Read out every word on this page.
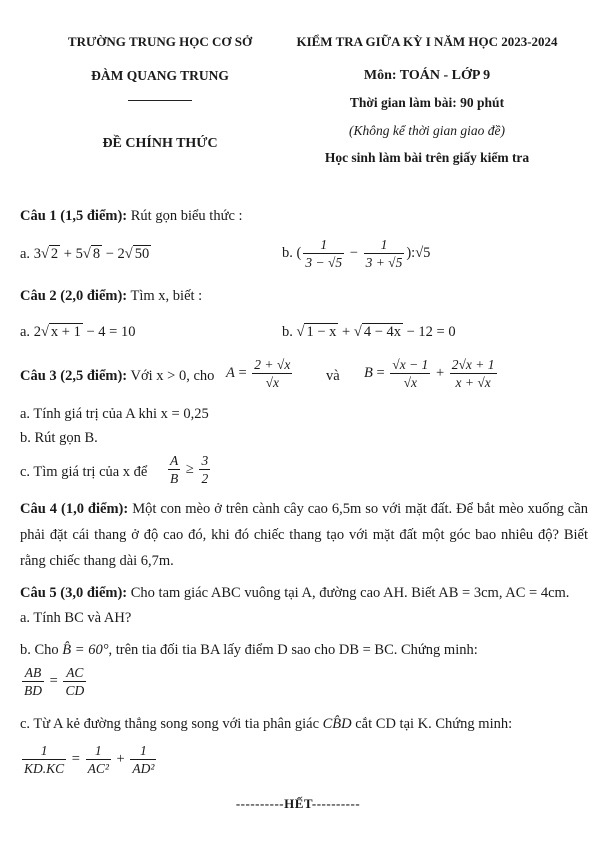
TRƯỜNG TRUNG HỌC CƠ SỞ
ĐÀM QUANG TRUNG
ĐỀ CHÍNH THỨC
KIỂM TRA GIỮA KỲ I NĂM HỌC 2023-2024
Môn: TOÁN - LỚP 9
Thời gian làm bài: 90 phút
(Không kể thời gian giao đề)
Học sinh làm bài trên giấy kiểm tra
Câu 1 (1,5 điểm): Rút gọn biểu thức :
a. 3√ 2 + 5√ 8 − 2√ 50	b. ( $\frac{1}{3 - √5} - \frac{1}{3 + √5}$ ):√5
Câu 2 (2,0 điểm): Tìm x, biết :
a. 2√ x + 1 − 4 = 10	b. √ 1 − x + √ 4 − 4x − 12 = 0
Câu 3 (2,5 điểm): Với x > 0, cho $A = \frac{2 + √x}{√x}$ và $B = \frac{√x - 1}{√x} + \frac{2√x + 1}{x + √x}$
a. Tính giá trị của A khi x = 0,25
b. Rút gọn B.
c. Tìm giá trị của x để $\frac{A}{B} \ge \frac{3}{2}$
Câu 4 (1,0 điểm): Một con mèo ở trên cành cây cao 6,5m so với mặt đất. Để bắt mèo xuống cần phải đặt cái thang ở độ cao đó, khi đó chiếc thang tạo với mặt đất một góc bao nhiêu độ? Biết rằng chiếc thang dài 6,7m.
Câu 5 (3,0 điểm): Cho tam giác ABC vuông tại A, đường cao AH. Biết AB = 3cm, AC = 4cm.
a. Tính BC và AH?
b. Cho B̂ = 60°, trên tia đối tia BA lấy điểm D sao cho DB = BC. Chứng minh:
$\frac{AB}{BD} = \frac{AC}{CD}$
c. Từ A kẻ đường thẳng song song với tia phân giác CB̂D cắt CD tại K. Chứng minh:
$\frac{1}{KD.KC} = \frac{1}{\text{AC²}} + \frac{1}{\text{AD²}}$
----------HẾT----------
